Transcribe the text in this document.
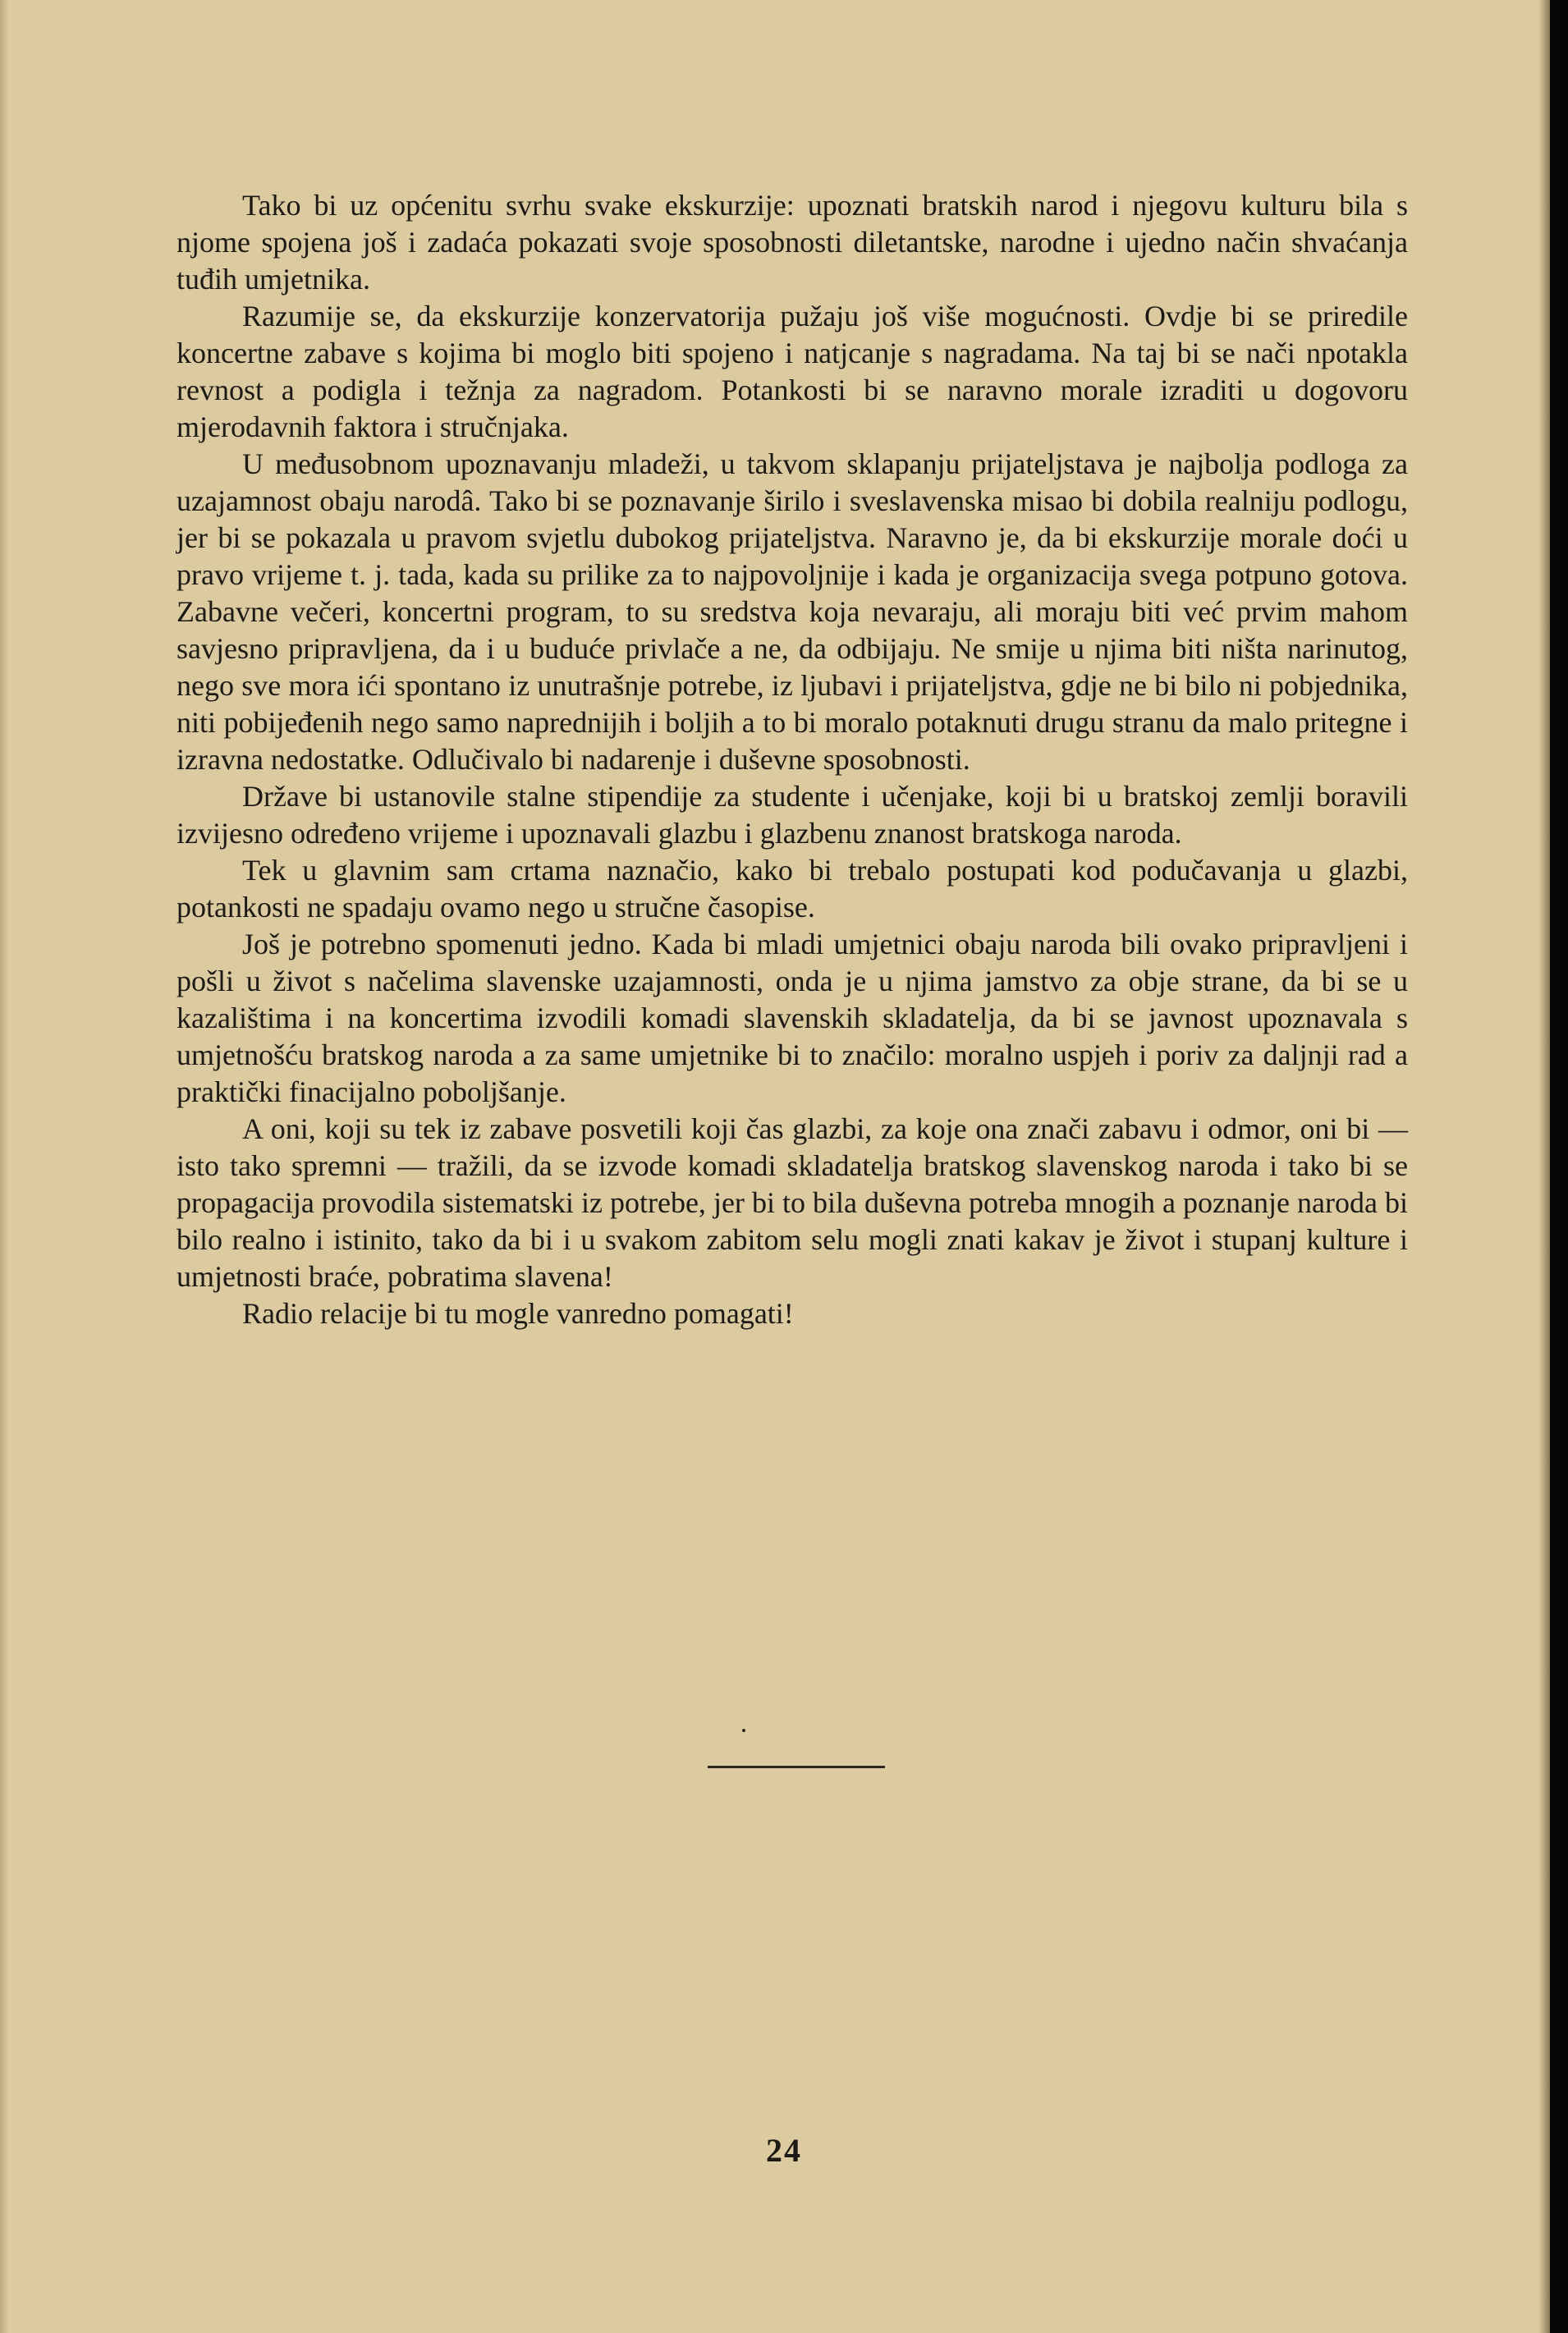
Tako bi uz općenitu svrhu svake ekskurzije: upoznati bratskih narod i njegovu kulturu bila s njome spojena još i zadaća pokazati svoje sposobnosti diletantske, narodne i ujedno način shvaćanja tuđih umjetnika.

Razumije se, da ekskurzije konzervatorija pužaju još više mogućnosti. Ovdje bi se priredile koncertne zabave s kojima bi moglo biti spojeno i natjcanje s nagradama. Na taj bi se nači npotakla revnost a podigla i težnja za nagradom. Potankosti bi se naravno morale izraditi u dogovoru mjerodavnih faktora i stručnjaka.

U međusobnom upoznavanju mladeži, u takvom sklapanju prijateljstava je najbolja podloga za uzajamnost obaju narodâ. Tako bi se poznavanje širilo i sveslavenska misao bi dobila realniju podlogu, jer bi se pokazala u pravom svjetlu dubokog prijateljstva. Naravno je, da bi ekskurzije morale doći u pravo vrijeme t. j. tada, kada su prilike za to najpovoljnije i kada je organizacija svega potpuno gotova. Zabavne večeri, koncertni program, to su sredstva koja nevaraju, ali moraju biti već prvim mahom savjesno pripravljena, da i u buduće privlače a ne, da odbijaju. Ne smije u njima biti ništa narinutog, nego sve mora ići spontano iz unutrašnje potrebe, iz ljubavi i prijateljstva, gdje ne bi bilo ni pobjednika, niti pobijeđenih nego samo naprednijih i boljih a to bi moralo potaknuti drugu stranu da malo pritegne i izravna nedostatke. Odlučivalo bi nadarenje i duševne sposobnosti.

Države bi ustanovile stalne stipendije za studente i učenjake, koji bi u bratskoj zemlji boravili izvijesno određeno vrijeme i upoznavali glazbu i glazbenu znanost bratskoga naroda.

Tek u glavnim sam crtama naznačio, kako bi trebalo postupati kod podučavanja u glazbi, potankosti ne spadaju ovamo nego u stručne časopise.

Još je potrebno spomenuti jedno. Kada bi mladi umjetnici obaju naroda bili ovako pripravljeni i pošli u život s načelima slavenske uzajamnosti, onda je u njima jamstvo za obje strane, da bi se u kazalištima i na koncertima izvodili komadi slavenskih skladatelja, da bi se javnost upoznavala s umjetnošću bratskog naroda a za same umjetnike bi to značilo: moralno uspjeh i poriv za daljnji rad a praktički finacijalno poboljšanje.

A oni, koji su tek iz zabave posvetili koji čas glazbi, za koje ona znači zabavu i odmor, oni bi — isto tako spremni — tražili, da se izvode komadi skladatelja bratskog slavenskog naroda i tako bi se propagacija provodila sistematski iz potrebe, jer bi to bila duševna potreba mnogih a poznanje naroda bi bilo realno i istinito, tako da bi i u svakom zabitom selu mogli znati kakav je život i stupanj kulture i umjetnosti braće, pobratima slavena!

Radio relacije bi tu mogle vanredno pomagati!

24
